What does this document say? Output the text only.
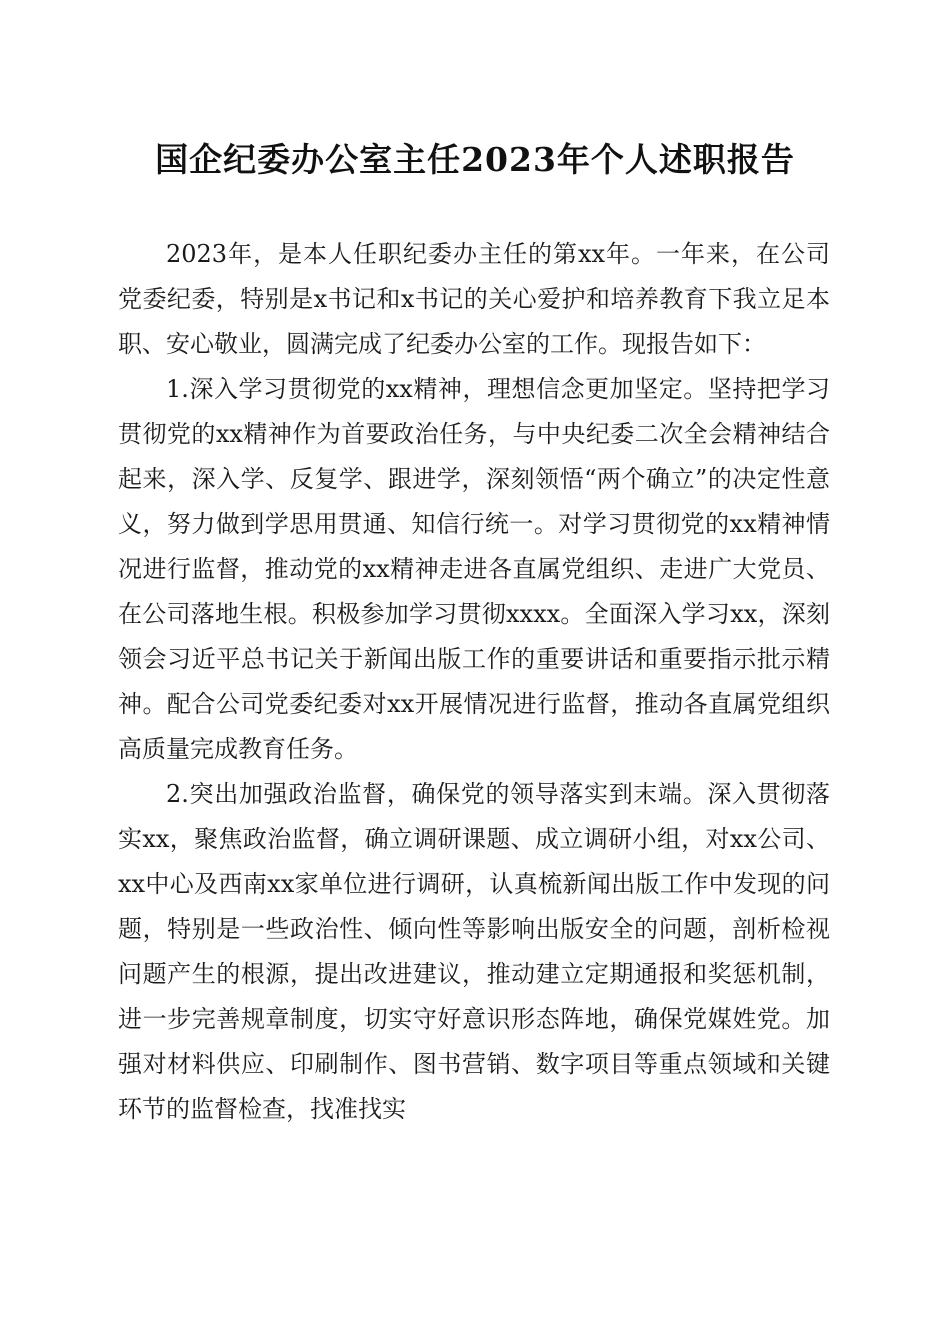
国企纪委办公室主任2023年个人述职报告

2023年，是本人任职纪委办主任的第xx年。一年来，在公司党委纪委，特别是x书记和x书记的关心爱护和培养教育下我立足本职、安心敬业，圆满完成了纪委办公室的工作。现报告如下：

1.深入学习贯彻党的xx精神，理想信念更加坚定。坚持把学习贯彻党的xx精神作为首要政治任务，与中央纪委二次全会精神结合起来，深入学、反复学、跟进学，深刻领悟“两个确立”的决定性意义，努力做到学思用贯通、知信行统一。对学习贯彻党的xx精神情况进行监督，推动党的xx精神走进各直属党组织、走进广大党员、在公司落地生根。积极参加学习贯彻xxxx。全面深入学习xx，深刻领会习近平总书记关于新闻出版工作的重要讲话和重要指示批示精神。配合公司党委纪委对xx开展情况进行监督，推动各直属党组织高质量完成教育任务。

2.突出加强政治监督，确保党的领导落实到末端。深入贯彻落实xx，聚焦政治监督，确立调研课题、成立调研小组，对xx公司、xx中心及西南xx家单位进行调研，认真梳新闻出版工作中发现的问题，特别是一些政治性、倾向性等影响出版安全的问题，剖析检视问题产生的根源，提出改进建议，推动建立定期通报和奖惩机制，进一步完善规章制度，切实守好意识形态阵地，确保党媒姓党。加强对材料供应、印刷制作、图书营销、数字项目等重点领域和关键环节的监督检查，找准找实
